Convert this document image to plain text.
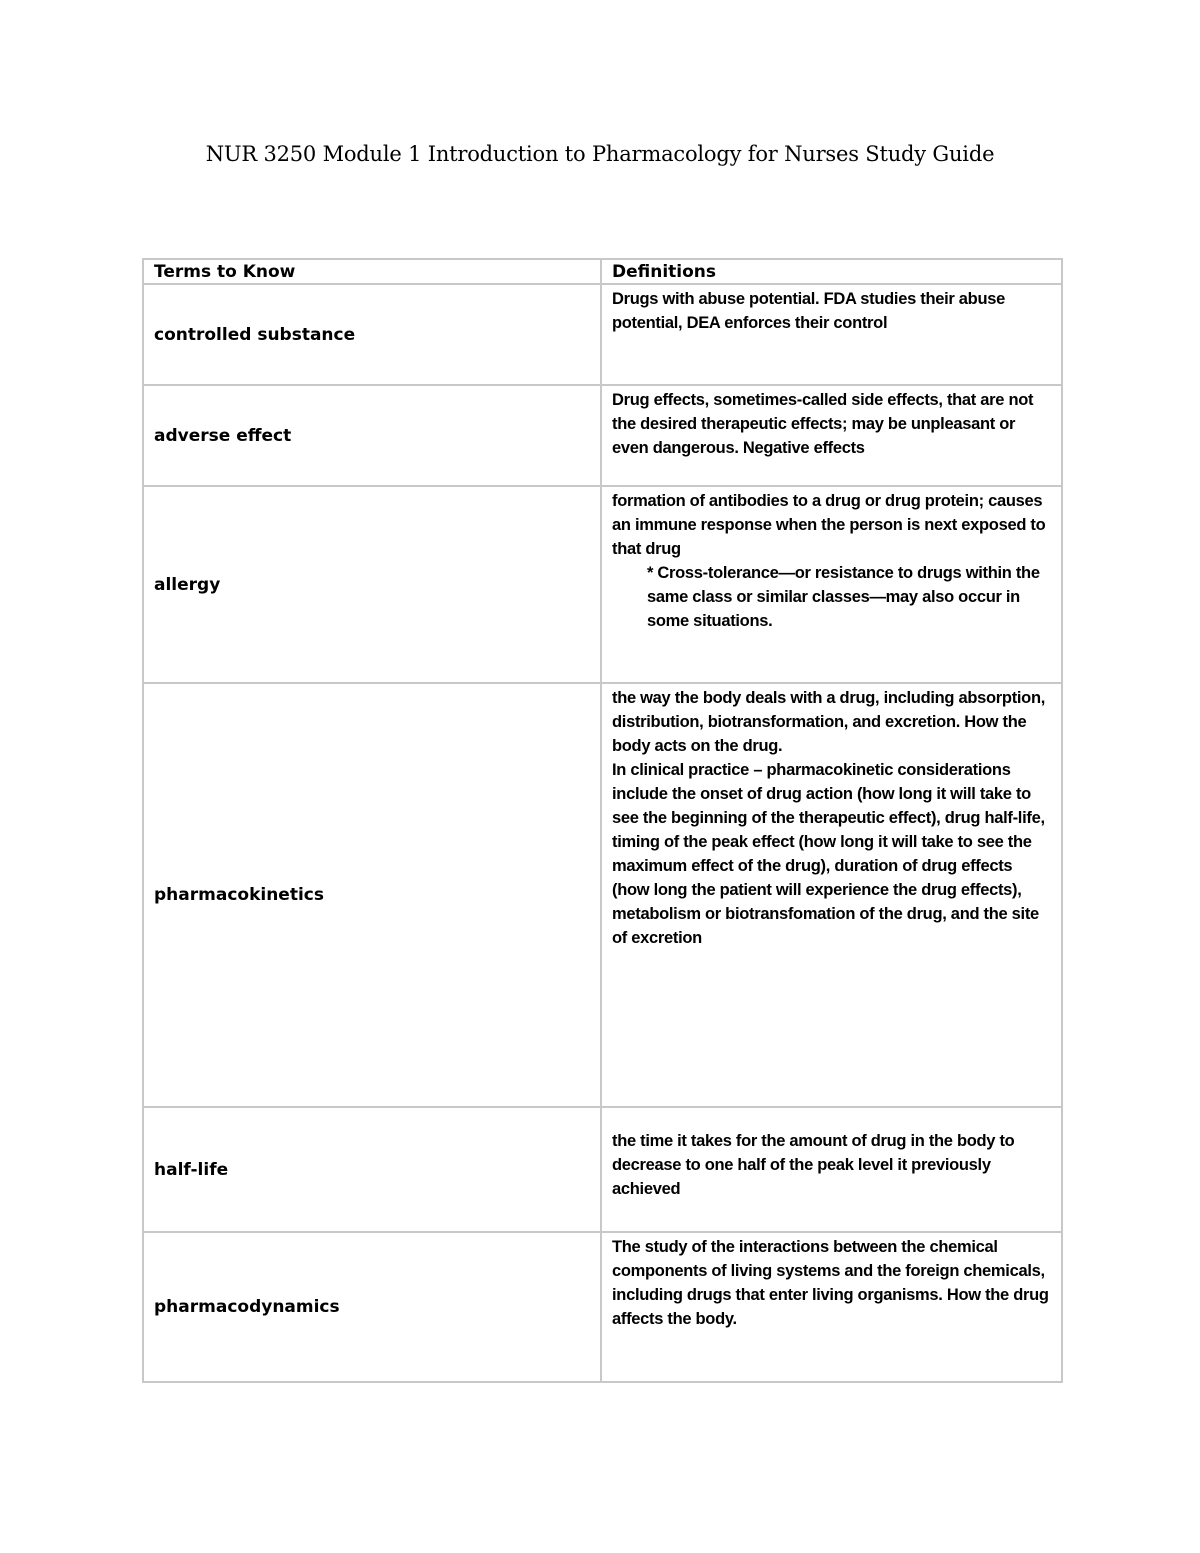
NUR 3250 Module 1 Introduction to Pharmacology for Nurses Study Guide
Terms to Know	Definitions
controlled substance	Drugs with abuse potential. FDA studies their abuse potential, DEA enforces their control

adverse effect	Drug effects, sometimes-called side effects, that are not the desired therapeutic effects; may be unpleasant or even dangerous. Negative effects

allergy	formation of antibodies to a drug or drug protein; causes an immune response when the person is next exposed to that drug
* Cross-tolerance—or resistance to drugs within the same class or similar classes—may also occur in some situations.

pharmacokinetics	the way the body deals with a drug, including absorption, distribution, biotransformation, and excretion. How the body acts on the drug.
In clinical practice – pharmacokinetic considerations include the onset of drug action (how long it will take to see the beginning of the therapeutic effect), drug half-life, timing of the peak effect (how long it will take to see the maximum effect of the drug), duration of drug effects (how long the patient will experience the drug effects), metabolism or biotransfomation of the drug, and the site of excretion

half-life	the time it takes for the amount of drug in the body to decrease to one half of the peak level it previously achieved

pharmacodynamics	The study of the interactions between the chemical components of living systems and the foreign chemicals, including drugs that enter living organisms. How the drug affects the body.
